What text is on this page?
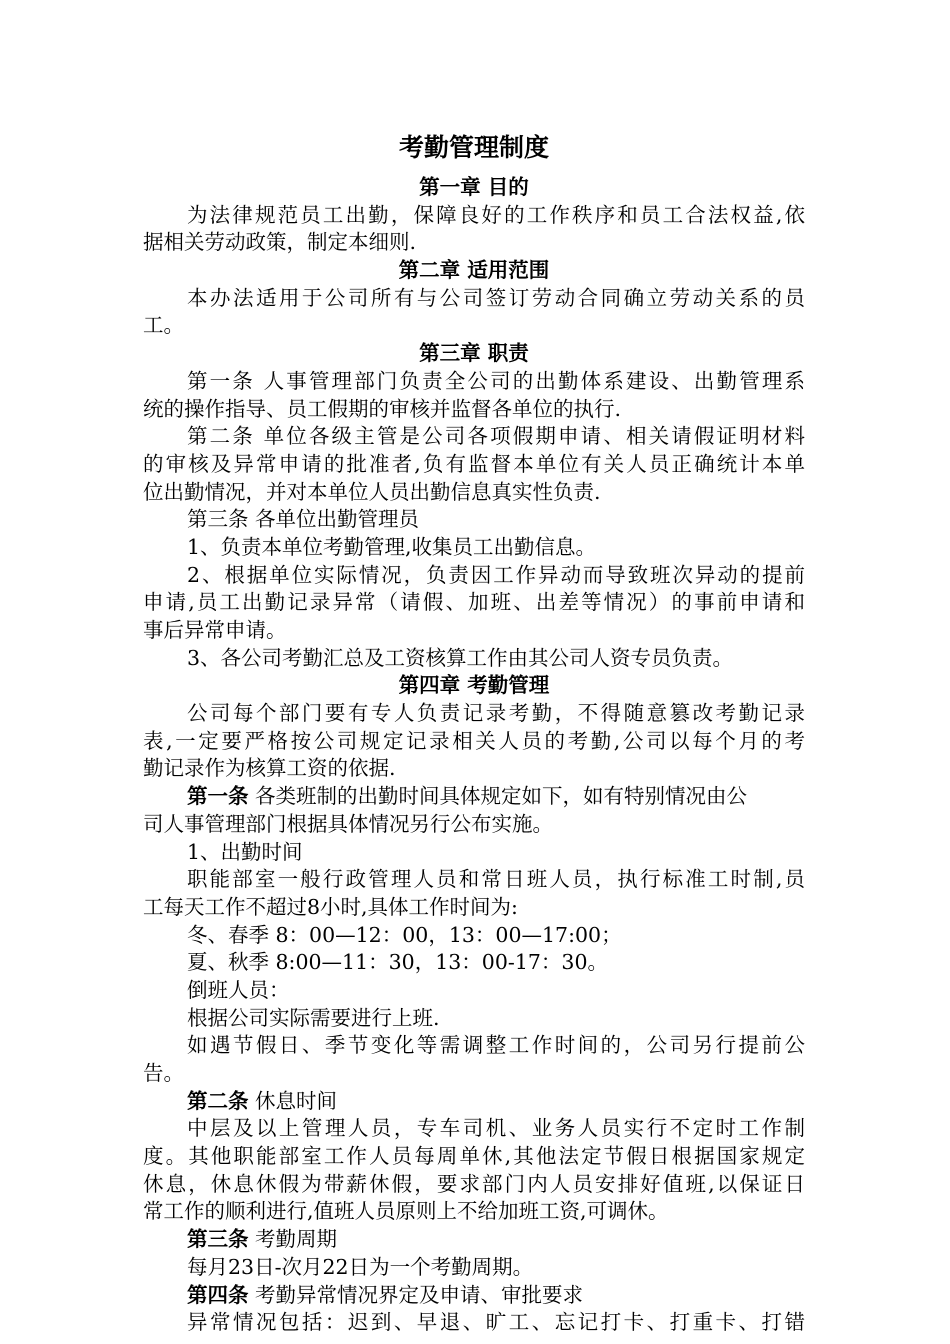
考勤管理制度
第一章 目的
为法律规范员工出勤，保障良好的工作秩序和员工合法权益,依
据相关劳动政策，制定本细则.
第二章 适用范围
本办法适用于公司所有与公司签订劳动合同确立劳动关系的员
工。
第三章 职责
第一条 人事管理部门负责全公司的出勤体系建设、出勤管理系
统的操作指导、员工假期的审核并监督各单位的执行.
第二条 单位各级主管是公司各项假期申请、相关请假证明材料
的审核及异常申请的批准者,负有监督本单位有关人员正确统计本单
位出勤情况，并对本单位人员出勤信息真实性负责.
第三条 各单位出勤管理员
1、负责本单位考勤管理,收集员工出勤信息。
2、根据单位实际情况，负责因工作异动而导致班次异动的提前
申请,员工出勤记录异常（请假、加班、出差等情况）的事前申请和
事后异常申请。
3、各公司考勤汇总及工资核算工作由其公司人资专员负责。
第四章 考勤管理
公司每个部门要有专人负责记录考勤，不得随意篡改考勤记录
表,一定要严格按公司规定记录相关人员的考勤,公司以每个月的考
勤记录作为核算工资的依据.
第一条 各类班制的出勤时间具体规定如下，如有特别情况由公
司人事管理部门根据具体情况另行公布实施。
1、出勤时间
职能部室一般行政管理人员和常日班人员，执行标准工时制,员
工每天工作不超过8小时,具体工作时间为:
冬、春季 8：00—12：00，13：00—17:00；
夏、秋季 8:00—11：30，13：00-17：30。
倒班人员：
根据公司实际需要进行上班.
如遇节假日、季节变化等需调整工作时间的，公司另行提前公
告。
第二条 休息时间
中层及以上管理人员，专车司机、业务人员实行不定时工作制
度。其他职能部室工作人员每周单休,其他法定节假日根据国家规定
休息，休息休假为带薪休假，要求部门内人员安排好值班,以保证日
常工作的顺利进行,值班人员原则上不给加班工资,可调休。
第三条 考勤周期
每月23日-次月22日为一个考勤周期。
第四条 考勤异常情况界定及申请、审批要求
异常情况包括：迟到、早退、旷工、忘记打卡、打重卡、打错
